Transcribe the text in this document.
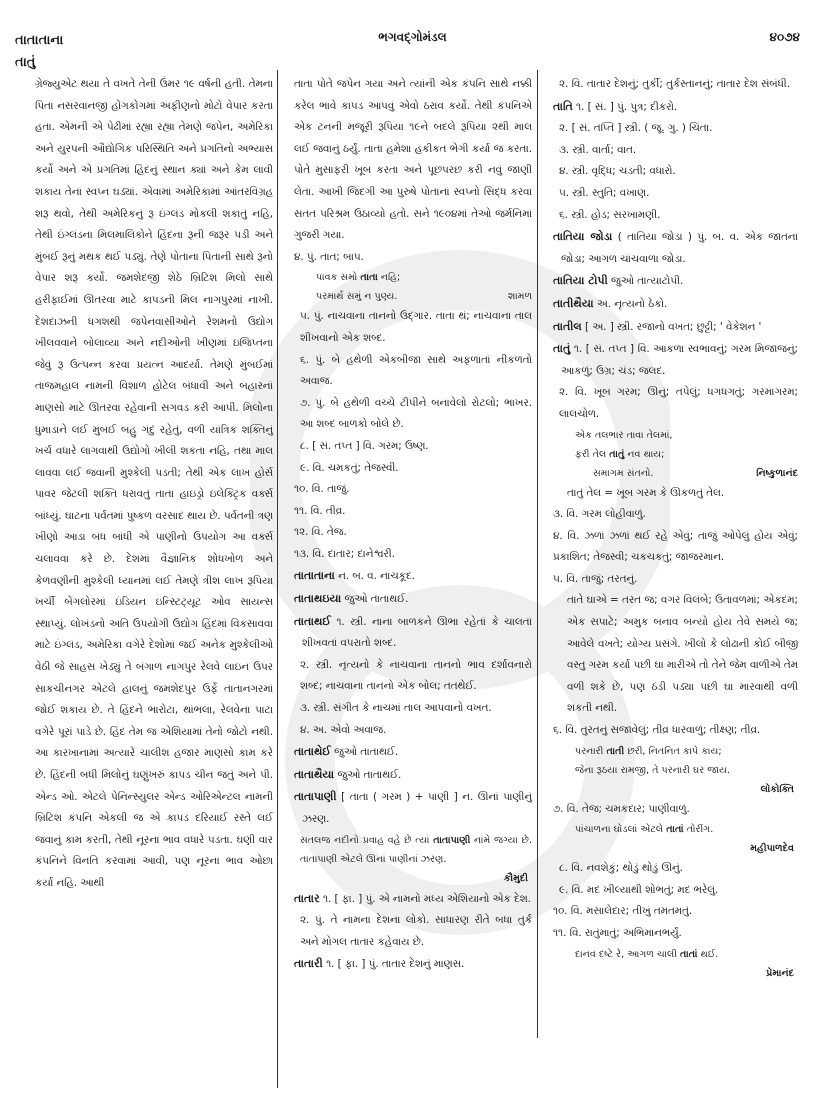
તાતાતાના
તાતું
ભગવદ્ગોમંડલ	૪૦૭૪

ગ્રેજ્યુએટ થયા તે વખતે તેની ઉંમર ૧૯ વર્ષની હતી. તેમના પિતા નસરવાનજી હોંગકોંગમાં અફીણનો મોટો વેપાર કરતા હતા. એમની એ પેઢીમાં રહ્યા રહ્યા તેમણે જપેન, અમેરિકા અને યુરપની ઔદ્યોગિક પરિસ્થિતિ અને પ્રગતિનો અભ્યાસ કર્યો અને એ પ્રગતિમાં હિંદનું સ્થાન ક્યાં અને કેમ લાવી શકાય તેનાં સ્વપ્ન ઘડ્યાં. એવામાં અમેરિકામાં આંતરવિગ્રહ શરૂ થવો, તેથી અમેરિકનું રૂ ઇંગ્લંડ મોકલી શકાતું નહિ, તેથી ઇંગ્લંડના મિલમાલિકોને હિંદના રૂની જરૂર પડી અને મુંબઈ રૂનું મથક થઈ પડ્યું. તેણે પોતાના પિતાની સાથે રૂનો વેપાર શરૂ કર્યો. જમશેદજી શેઠે બ્રિટિશ મિલો સાથે હરીફાઈમાં ઊતરવા માટે કાપડની મિલ નાગપુરમાં નાખી. દેશદાઝની ધગશથી જપેનવાસીઓને રેશમનો ઉદ્યોગ ખીલવવાને બોલાવ્યા અને નદીઓની ખીણમાં ઇજિપ્તના જેવું રૂ ઉત્પન્ન કરવા પ્રયત્ન આદર્યા. તેમણે મુંબઈમાં તાજમહાલ નામની વિશાળ હોટેલ બંધાવી અને બહારનાં માણસો માટે ઊતરવા રહેવાની સગવડ કરી આપી. મિલોના ધુમાડાને લઈ મુંબઈ બહુ ગંદું રહેતું, વળી યાંત્રિક શક્તિનું ખર્ચ વધારે લાગવાથી ઉદ્યોગો ખીલી શકતા નહિ, તથા માલ લાવવા લઈ જવાની મુશ્કેલી પડતી; તેથી એક લાખ હોર્સ પાવર જેટલી શક્તિ ધરાવતું તાતા હાઇડ્રો ઇલેક્ટ્રિક વર્ક્સ બાંધ્યું. ઘાટના પર્વતમાં પુષ્કળ વરસાદ થાય છે. પર્વતની ત્રણ ખીણો આડા બંધ બાંધી એ પાણીનો ઉપયોગ આ વર્ક્સ ચલાવવા કરે છે. દેશમાં વૈજ્ઞાનિક શોધખોળ અને કેળવણીની મુશ્કેલી ધ્યાનમાં લઈ તેમણે ત્રીશ લાખ રૂપિયા ખર્ચી બેંગલોરમાં ઇંડિયન ઇન્સ્ટિટ્યૂટ ઓવ સાયન્સ સ્થાપ્યું. લોખંડનો અતિ ઉપયોગી ઉદ્યોગ હિંદમાં વિકસાવવા માટે ઇંગ્લંડ, અમેરિકા વગેરે દેશોમાં જઈ અનેક મુશ્કેલીઓ વેઠી જે સાહસ ખેડ્યું તે બંગાળ નાગપુર રેલવે લાઇન ઉપર સાકચીનગર એટલે હાલનું જમશેદપુર ઉર્ફે તાતાનગરમાં જોઈ શકાય છે. તે હિંદને ભારોટા, થાંભલા, રેલવેના પાટા વગેરે પૂરાં પાડે છે. હિંદ તેમ જ એશિયામાં તેનો જોટો નથી. આ કારખાનામાં અત્યારે ચાલીશ હજાર માણસો કામ કરે છે. હિંદની બધી મિલોનું ઘણુંખરું કાપડ ચીન જતું અને પી. એન્ડ ઓ. એટલે પેનિન્સ્યુલર એન્ડ ઓરિએન્ટલ નામની બ્રિટિશ કંપનિ એકલી જ એ કાપડ દરિયાઈ રસ્તે લઈ જવાનું કામ કરતી, તેથી નૂરના ભાવ વધારે પડતા. ઘણી વાર કંપનિને વિનતિ કરવામાં આવી, પણ નૂરના ભાવ ઓછા કર્યા નહિ. આથી

તાતા પોતે જપેન ગયા અને ત્યાંની એક કંપનિ સાથે નક્કી કરેલ ભાવે કાપડ આપવું એવો ઠરાવ કર્યો. તેથી કંપનિએ એક ટનની મજૂરી રૂપિયા ૧૯ને બદલે રૂપિયા ૨થી માલ લઈ જવાનું ઠર્યું. તાતા હમેશા હકીકત ભેગી કર્યા જ કરતા. પોતે મુસાફરી ખૂબ કરતા અને પૂછપરછ કરી નવું જાણી લેતા. આખી જિંદગી આ પુરુષે પોતાનાં સ્વપ્નો સિદ્ધ કરવા સતત પરિશ્રમ ઉઠાવ્યો હતો. સને ૧૯૦૪માં તેઓ જર્મનિમાં ગુજરી ગયા.

૪. પું. તાત; બાપ.

પાવક સમો તાતા નહિ;

પરમાર્થ સમું ન પુણ્ય.	શામળ

૫. પું. નાચવાના તાનનો ઉદ્ગાર. તાતા થં; નાચવાના તાલ શીખવાનો એક શબ્દ.

૬. પું. બે હથેળી એકબીજા સાથે અફળાતાં નીકળતો અવાજ.

૭. પું. બે હથેળી વચ્ચે ટીપીને બનાવેલો રોટલો; ભાખર. આ શબ્દ બાળકો બોલે છે.

૮. [ સં. તપ્ત ] વિ. ગરમ; ઉષ્ણ.

૯. વિ. ચમકતું; તેજસ્વી.

૧૦. વિ. તાજું.

૧૧. વિ. તીવ્ર.

૧૨. વિ. તેજ.

૧૩. વિ. દાતાર; દાનેશ્વરી.

તાતાતાના ન. બ. વ. નાચકૂદ.

તાતાથઇયા જુઓ તાતાથઈ.

તાતાથઈ ૧. સ્ત્રી. નાના બાળકને ઊભા રહેતાં કે ચાલતાં શીખવતાં વપરાતો શબ્દ.

૨. સ્ત્રી. નૃત્યનો કે નાચવાના તાનનો ભાવ દર્શાવનારો શબ્દ; નાચવાના તાનનો એક બોલ; તતથેઈ.

૩. સ્ત્રી. સંગીત કે નાચમાં તાલ આપવાનો વખત.

૪. અ. એવો અવાજ.

તાતાથેઈ જુઓ તાતાથઈ.

તાતાથૈયા જુઓ તાતાથઈ.

તાતાપાણી [ તાતા ( ગરમ ) + પાણી ] ન. ઊનાં પાણીનું ઝરણ.

સતલજ નદીનો પ્રવાહ વહે છે ત્યાં તાતાપાણી નામે જગ્યા છે. તાતાપાણી એટલે ઊનાં પાણીનાં ઝરણ.

કૌમુદી

તાતાર ૧. [ ફા. ] પું. એ નામનો મધ્ય એશિયાનો એક દેશ.

૨. પું. તે નામના દેશના લોકો. સાધારણ રીતે બધા તુર્ક અને મોગલ તાતાર કહેવાય છે.

તાતારી ૧. [ ફા. ] પું. તાતાર દેશનું માણસ.

૨. વિ. તાતાર દેશનું; તુર્કી; તુર્કસ્તાનનું; તાતાર દેશ સંબંધી.

તાતિ ૧. [ સં. ] પું. પુત્ર; દીકરો.

૨. [ સં. તપ્તિ ] સ્ત્રી. ( જૂ. ગુ. ) ચિંતા.

૩. સ્ત્રી. વાર્તા; વાત.

૪. સ્ત્રી. વૃદ્ધિ; ચડતી; વધારો.

૫. સ્ત્રી. સ્તુતિ; વખાણ.

૬. સ્ત્રી. હોડ; સરખામણી.

તાતિયા જોડા ( તાતિયા જોડા ) પું. બ. વ. એક જાતના જોડા; આગળ ચાંચવાળા જોડા.

તાતિયા ટોપી જુઓ તાત્યાટોપી.

તાતીથૈયા અ. નૃત્યનો ઠેકો.

તાતીલ [ અ. ] સ્ત્રી. રજાનો વખત; છુટ્ટી; ' વેકેશન '

તાતું ૧. [ સં. તપ્ત ] વિ. આકળા સ્વભાવનું; ગરમ મિજાજનું; આકળું; ઉગ્ર; ચંડ; જલદ.

૨. વિ. ખૂબ ગરમ; ઊનું; તપેલું; ધગધગતું; ગરમાગરમ; લાલચોળ.

એક તલભાર તાવા તેલમાં,

ફરી તેલ તાતું નવ થાય;

સમાગમ સંતનો.	નિષ્કુળાનંદ

તાતું તેલ = ખૂબ ગરમ કે ઊકળતું તેલ.

૩. વિ. ગરમ લોહીવાળું.

૪. વિ. ઝળાં ઝળાં થઈ રહે એવું; તાજું ઓપેલું હોય એવું; પ્રકાશિત; તેજસ્વી; ચકચકતું; જાજરમાન.

૫. વિ. તાજું; તરતનું.

તાતે ઘાએ = તરત જ; વગર વિલંબે; ઉતાવળમાં; એકદમ; એક સપાટે; અમુક બનાવ બન્યો હોય તેવે સમયે જ; આવેલે વખતે; યોગ્ય પ્રસંગે. ખીલો કે લોઢાની કોઈ બીજી વસ્તુ ગરમ કર્યા પછી ઘા મારીએ તો તેને જેમ વાળીએ તેમ વળી શકે છે, પણ ઠંડી પડ્યા પછી ઘા મારવાથી વળી શકતી નથી.

૬. વિ. તુરતનું સજાવેલું; તીવ્ર ધારવાળું; તીક્ષ્ણ; તીવ્ર.

પરનારી તાતી છરી, નિતનિત કાપે કાય;

જેના રૂઠયા રામજી, તે પરનારી ઘર જાય.

લોકોક્તિ

૭. વિ. તેજ; ચમકદાર; પાણીવાળું.

પાંચાળના ઘોડલાં એટલે તાતાં તોરીંગ.

મહીપાળદેવ

૮. વિ. નવશેકું; થોડું થોડું ઊનું.

૯. વિ. મદ ખીલ્યાથી શોભતું; મદ ભરેલું.

૧૦. વિ. મસાલેદાર; તીખું તમતમતું.

૧૧. વિ. રાતુંમાતું; અભિમાનભર્યું.

દાનવ દષ્ટે રે, આગળ ચાલી તાતાં થઈ.

પ્રેમાનંદ
